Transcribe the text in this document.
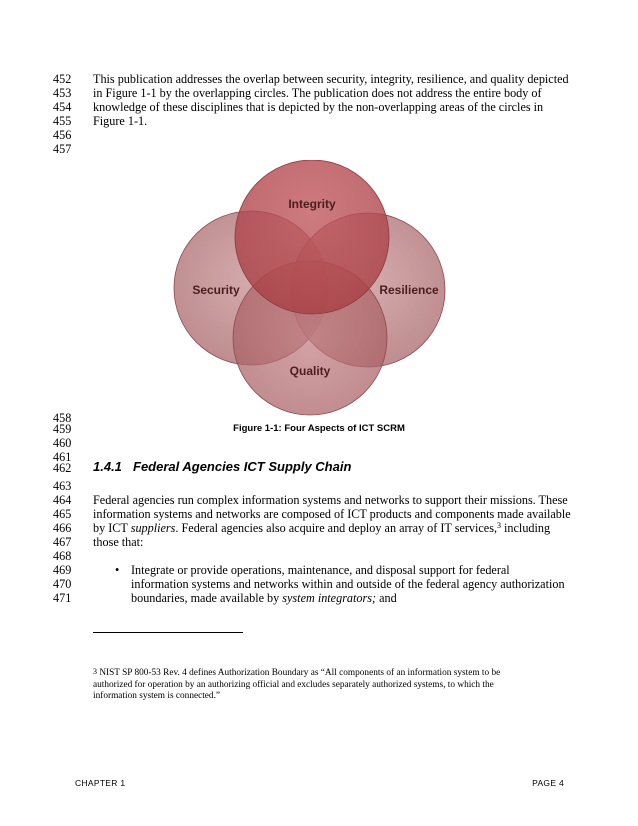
452	This publication addresses the overlap between security, integrity, resilience, and quality depicted
453	in Figure 1-1 by the overlapping circles. The publication does not address the entire body of
454	knowledge of these disciplines that is depicted by the non-overlapping areas of the circles in
455	Figure 1-1.
456
457
Integrity
Security	Resilience
Quality
458
459	Figure 1-1: Four Aspects of ICT SCRM
460
461
462	1.4.1 Federal Agencies ICT Supply Chain
463
464	Federal agencies run complex information systems and networks to support their missions. These
465	information systems and networks are composed of ICT products and components made available
466	by ICT suppliers. Federal agencies also acquire and deploy an array of IT services,$^3$ including
467	those that:
468
469	• Integrate or provide operations, maintenance, and disposal support for federal
470	information systems and networks within and outside of the federal agency authorization
471	boundaries, made available by system integrators; and
3 NIST SP 800-53 Rev. 4 defines Authorization Boundary as “All components of an information system to be
authorized for operation by an authorizing official and excludes separately authorized systems, to which the
information system is connected.”
CHAPTER 1	PAGE 4
